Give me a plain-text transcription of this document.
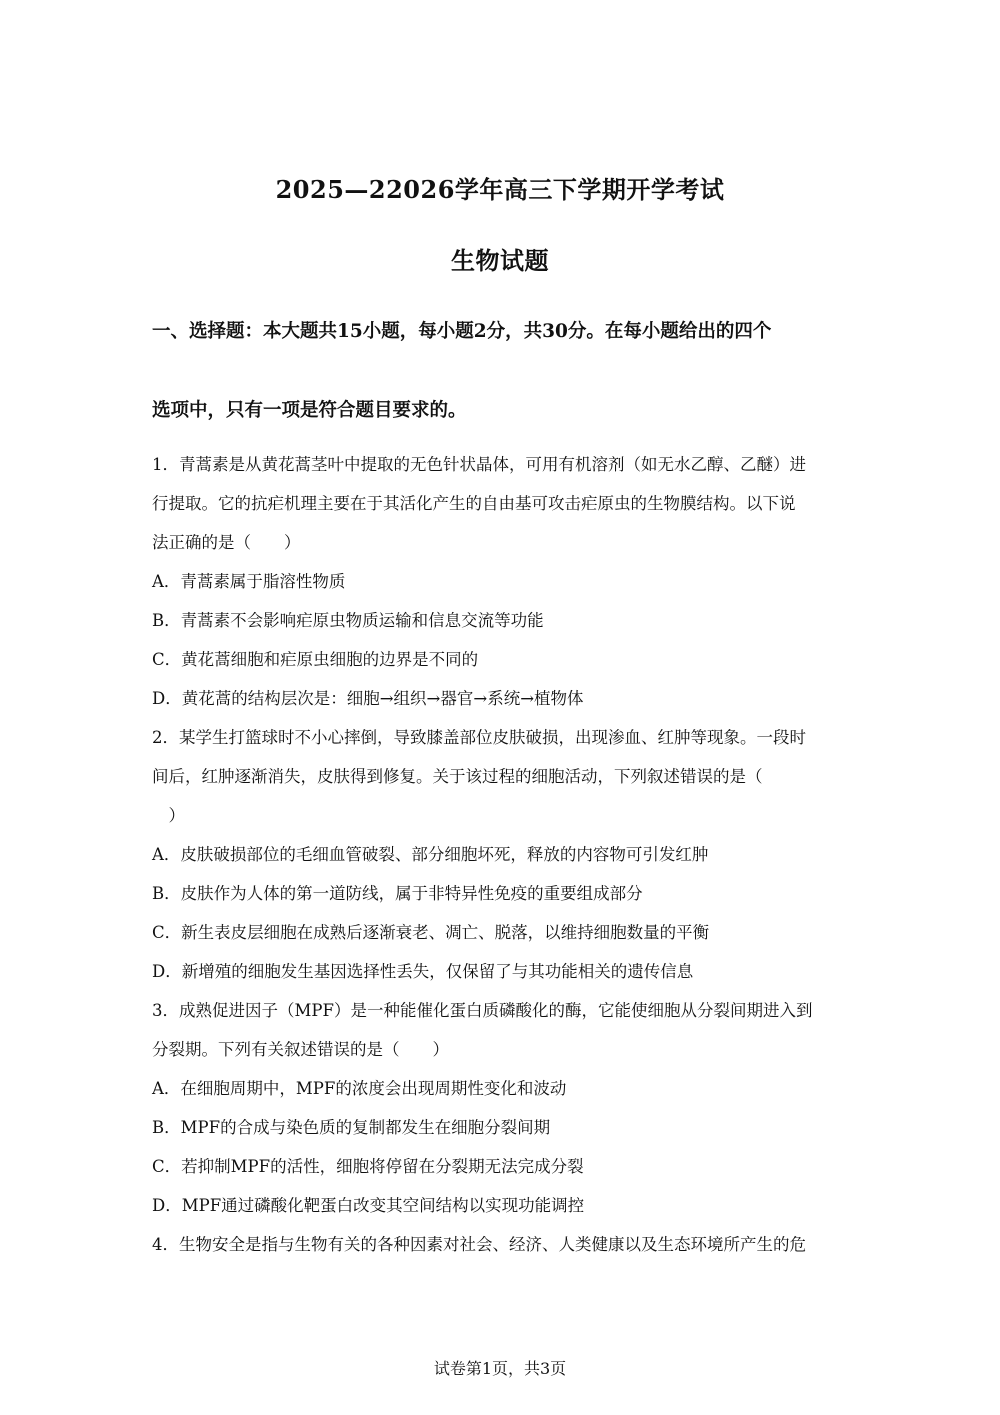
2025—22026学年高三下学期开学考试
生物试题
一、选择题：本大题共15小题，每小题2分，共30分。在每小题给出的四个
选项中，只有一项是符合题目要求的。
1．青蒿素是从黄花蒿茎叶中提取的无色针状晶体，可用有机溶剂（如无水乙醇、乙醚）进
行提取。它的抗疟机理主要在于其活化产生的自由基可攻击疟原虫的生物膜结构。以下说
法正确的是（　　）
A．青蒿素属于脂溶性物质
B．青蒿素不会影响疟原虫物质运输和信息交流等功能
C．黄花蒿细胞和疟原虫细胞的边界是不同的
D．黄花蒿的结构层次是：细胞→组织→器官→系统→植物体
2．某学生打篮球时不小心摔倒，导致膝盖部位皮肤破损，出现渗血、红肿等现象。一段时
间后，红肿逐渐消失，皮肤得到修复。关于该过程的细胞活动，下列叙述错误的是（
　）
A．皮肤破损部位的毛细血管破裂、部分细胞坏死，释放的内容物可引发红肿
B．皮肤作为人体的第一道防线，属于非特异性免疫的重要组成部分
C．新生表皮层细胞在成熟后逐渐衰老、凋亡、脱落，以维持细胞数量的平衡
D．新增殖的细胞发生基因选择性丢失，仅保留了与其功能相关的遗传信息
3．成熟促进因子（MPF）是一种能催化蛋白质磷酸化的酶，它能使细胞从分裂间期进入到
分裂期。下列有关叙述错误的是（　　）
A．在细胞周期中，MPF的浓度会出现周期性变化和波动
B．MPF的合成与染色质的复制都发生在细胞分裂间期
C．若抑制MPF的活性，细胞将停留在分裂期无法完成分裂
D．MPF通过磷酸化靶蛋白改变其空间结构以实现功能调控
4．生物安全是指与生物有关的各种因素对社会、经济、人类健康以及生态环境所产生的危
试卷第1页，共3页
